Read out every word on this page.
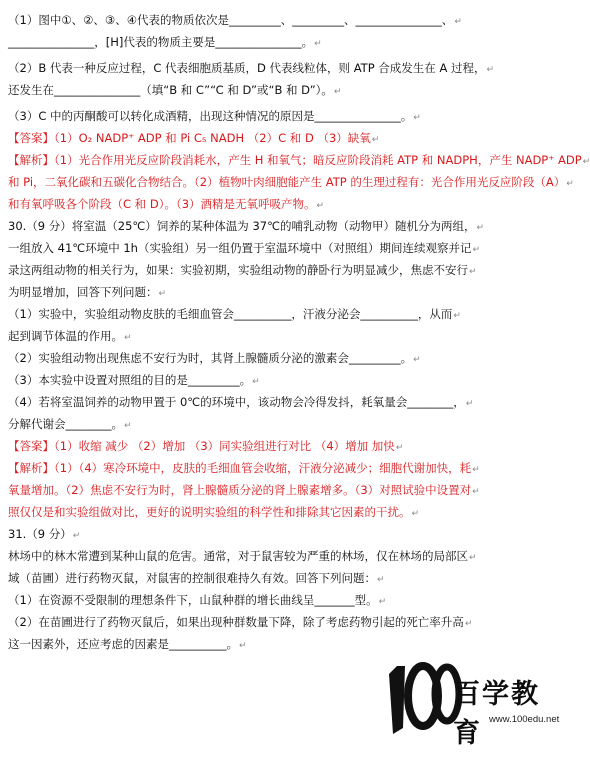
（1）图中①、②、③、④代表的物质依次是_________、_________、_______________、↵
_______________，[H]代表的物质主要是_______________。↵
（2）B 代表一种反应过程，C 代表细胞质基质，D 代表线粒体，则 ATP 合成发生在 A 过程，↵
还发生在_______________（填“B 和 C”“C 和 D”或“B 和 D”）。↵
（3）C 中的丙酮酸可以转化成酒精，出现这种情况的原因是_______________。↵
【答案】（1）O₂ NADP⁺ ADP 和 Pi C₅ NADH （2）C 和 D （3）缺氧↵
【解析】（1）光合作用光反应阶段消耗水，产生 H 和氧气；暗反应阶段消耗 ATP 和 NADPH，产生 NADP⁺ ADP↵
和 Pi，二氧化碳和五碳化合物结合。（2）植物叶肉细胞能产生 ATP 的生理过程有：光合作用光反应阶段（A）↵
和有氧呼吸各个阶段（C 和 D）。（3）酒精是无氧呼吸产物。↵
30.（9 分）将室温（25℃）饲养的某种体温为 37℃的哺乳动物（动物甲）随机分为两组，↵
一组放入 41℃环境中 1h（实验组）另一组仍置于室温环境中（对照组）期间连续观察并记↵
录这两组动物的相关行为，如果：实验初期，实验组动物的静卧行为明显减少，焦虑不安行↵
为明显增加，回答下列问题：↵
（1）实验中，实验组动物皮肤的毛细血管会__________，汗液分泌会__________，从而↵
起到调节体温的作用。↵
（2）实验组动物出现焦虑不安行为时，其肾上腺髓质分泌的激素会_________。↵
（3）本实验中设置对照组的目的是_________。↵
（4）若将室温饲养的动物甲置于 0℃的环境中，该动物会冷得发抖，耗氧量会________，↵
分解代谢会________。↵
【答案】（1）收缩 减少 （2）增加 （3）同实验组进行对比 （4）增加 加快↵
【解析】（1）（4）寒冷环境中，皮肤的毛细血管会收缩，汗液分泌减少；细胞代谢加快，耗↵
氧量增加。（2）焦虑不安行为时，肾上腺髓质分泌的肾上腺素增多。（3）对照试验中设置对↵
照仅仅是和实验组做对比，更好的说明实验组的科学性和排除其它因素的干扰。↵
31.（9 分）↵
林场中的林木常遭到某种山鼠的危害。通常，对于鼠害较为严重的林场，仅在林场的局部区↵
域（苗圃）进行药物灭鼠，对鼠害的控制很难持久有效。回答下列问题：↵
（1）在资源不受限制的理想条件下，山鼠种群的增长曲线呈_______型。↵
（2）在苗圃进行了药物灭鼠后，如果出现种群数量下降，除了考虑药物引起的死亡率升高↵
这一因素外，还应考虑的因素是__________。↵
百学教育 www.100edu.net
